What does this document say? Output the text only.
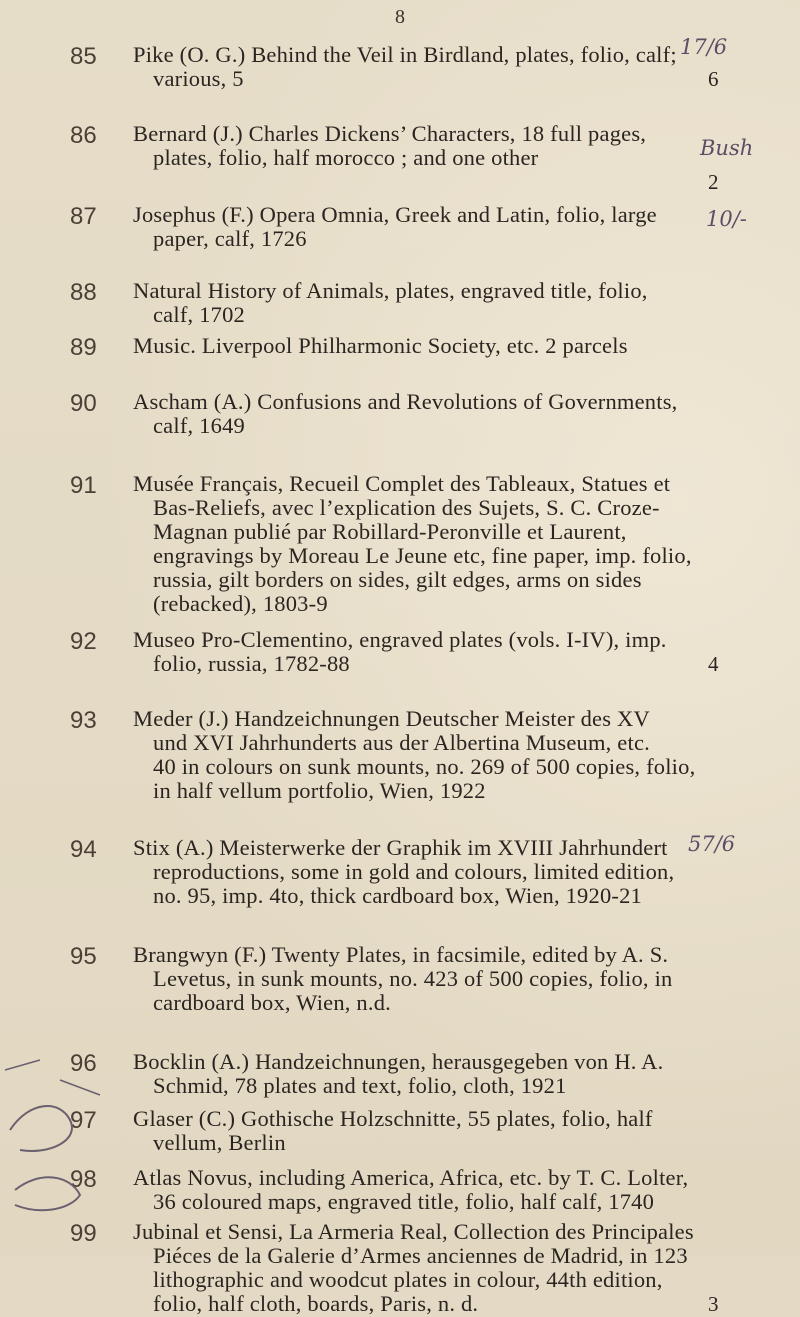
8
85 Pike (O. G.) Behind the Veil in Birdland, plates, folio, calf;
various, 5	6
17/6
86 Bernard (J.) Charles Dickens’ Characters, 18 full pages,
plates, folio, half morocco ; and one other
2
Bush
87 Josephus (F.) Opera Omnia, Greek and Latin, folio, large
paper, calf, 1726
10/-
88 Natural History of Animals, plates, engraved title, folio,
calf, 1702
89 Music. Liverpool Philharmonic Society, etc. 2 parcels
90 Ascham (A.) Confusions and Revolutions of Governments,
calf, 1649
91 Musée Français, Recueil Complet des Tableaux, Statues et
Bas-Reliefs, avec l’explication des Sujets, S. C. Croze-
Magnan publié par Robillard-Peronville et Laurent,
engravings by Moreau Le Jeune etc, fine paper, imp. folio,
russia, gilt borders on sides, gilt edges, arms on sides
(rebacked), 1803-9
92 Museo Pro-Clementino, engraved plates (vols. I-IV), imp.
folio, russia, 1782-88	4
93 Meder (J.) Handzeichnungen Deutscher Meister des XV
und XVI Jahrhunderts aus der Albertina Museum, etc.
40 in colours on sunk mounts, no. 269 of 500 copies, folio,
in half vellum portfolio, Wien, 1922
94 Stix (A.) Meisterwerke der Graphik im XVIII Jahrhundert
reproductions, some in gold and colours, limited edition,
no. 95, imp. 4to, thick cardboard box, Wien, 1920-21
57/6
95 Brangwyn (F.) Twenty Plates, in facsimile, edited by A. S.
Levetus, in sunk mounts, no. 423 of 500 copies, folio, in
cardboard box, Wien, n.d.
96 Bocklin (A.) Handzeichnungen, herausgegeben von H. A.
Schmid, 78 plates and text, folio, cloth, 1921
97 Glaser (C.) Gothische Holzschnitte, 55 plates, folio, half
vellum, Berlin
98 Atlas Novus, including America, Africa, etc. by T. C. Lolter,
36 coloured maps, engraved title, folio, half calf, 1740
99 Jubinal et Sensi, La Armeria Real, Collection des Principales
Piéces de la Galerie d’Armes anciennes de Madrid, in 123
lithographic and woodcut plates in colour, 44th edition,
folio, half cloth, boards, Paris, n. d.	3
